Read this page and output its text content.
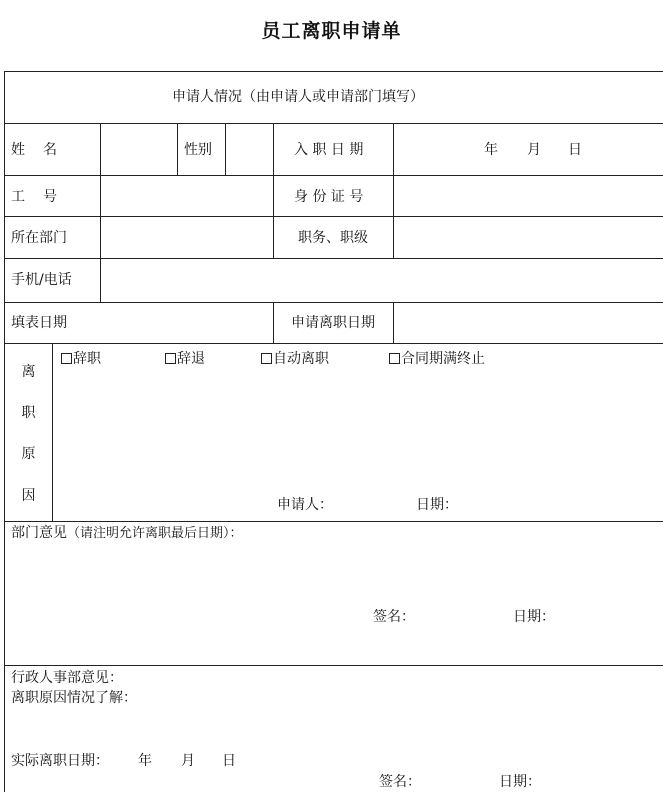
员工离职申请单
申请人情况（由申请人或申请部门填写）
姓　名	性别	入 职 日 期	年 月 日
工　号	身 份 证 号
所在部门	职务、职级
手机/电话
填表日期	申请离职日期
离
职
原
因
辞职	辞退	自动离职	合同期满终止
申请人：	日期：
部门意见（请注明允许离职最后日期）：
签名：	日期：
行政人事部意见：
离职原因情况了解：
实际离职日期： 年 月 日
签名：	日期：
